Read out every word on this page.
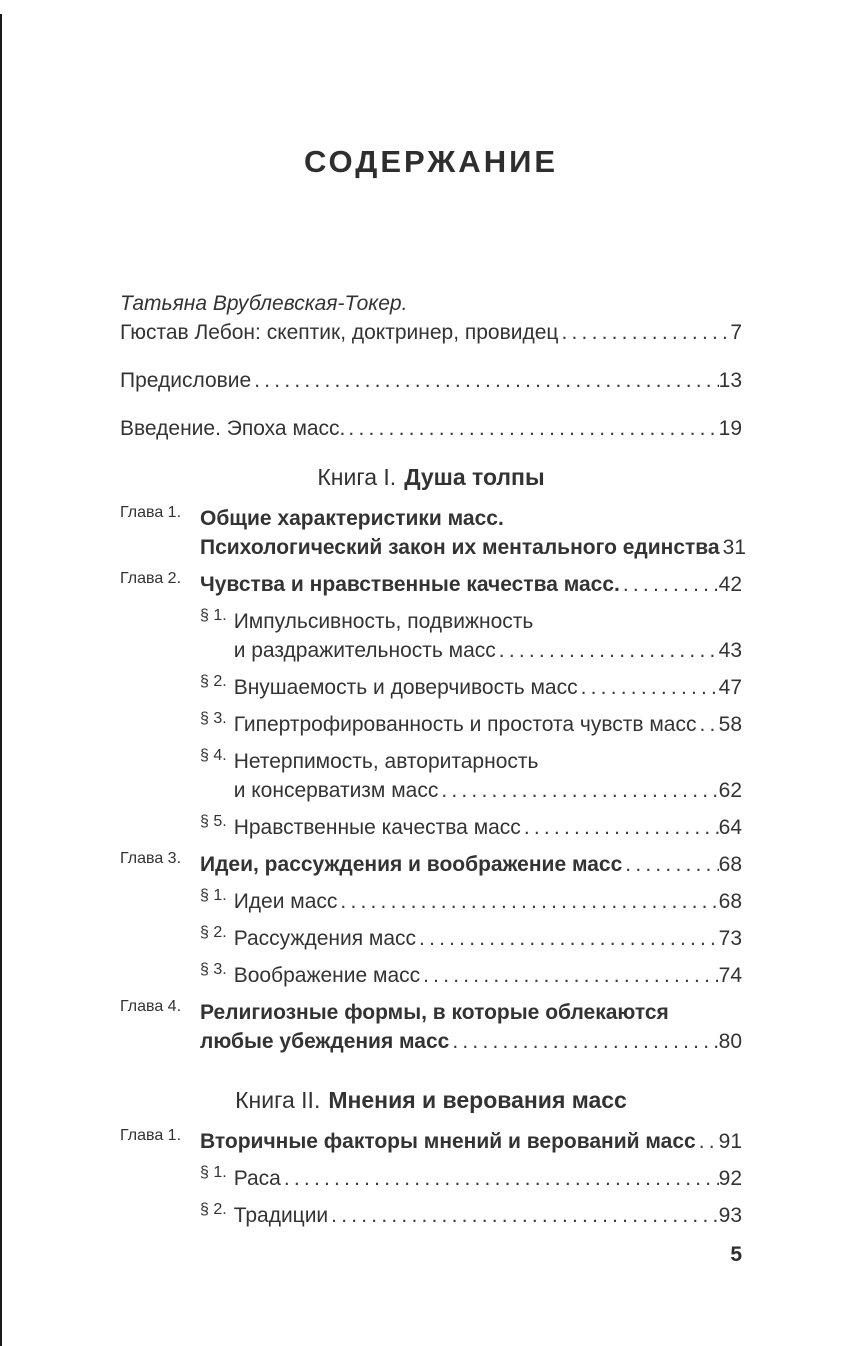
СОДЕРЖАНИЕ
Татьяна Врублевская-Токер.
Гюстав Лебон: скептик, доктринер, провидец .....	7
Предисловие .....	13
Введение. Эпоха масс. .....	19
Книга I. Душа толпы
Глава 1. Общие характеристики масс.
Психологический закон их ментального единства ..... 31
Глава 2. Чувства и нравственные качества масс. .....	42
§ 1. Импульсивность, подвижность
и раздражительность масс .....	43
§ 2. Внушаемость и доверчивость масс .....	47
§ 3. Гипертрофированность и простота чувств масс ..... 58
§ 4. Нетерпимость, авторитарность
и консерватизм масс .....	62
§ 5. Нравственные качества масс .....	64
Глава 3. Идеи, рассуждения и воображение масс .....	68
§ 1. Идеи масс .....	68
§ 2. Рассуждения масс .....	73
§ 3. Воображение масс .....	74
Глава 4. Религиозные формы, в которые облекаются
любые убеждения масс .....	80
Книга II. Мнения и верования масс
Глава 1. Вторичные факторы мнений и верований масс ..... 91
§ 1. Раса .....	92
§ 2. Традиции .....	93
5
